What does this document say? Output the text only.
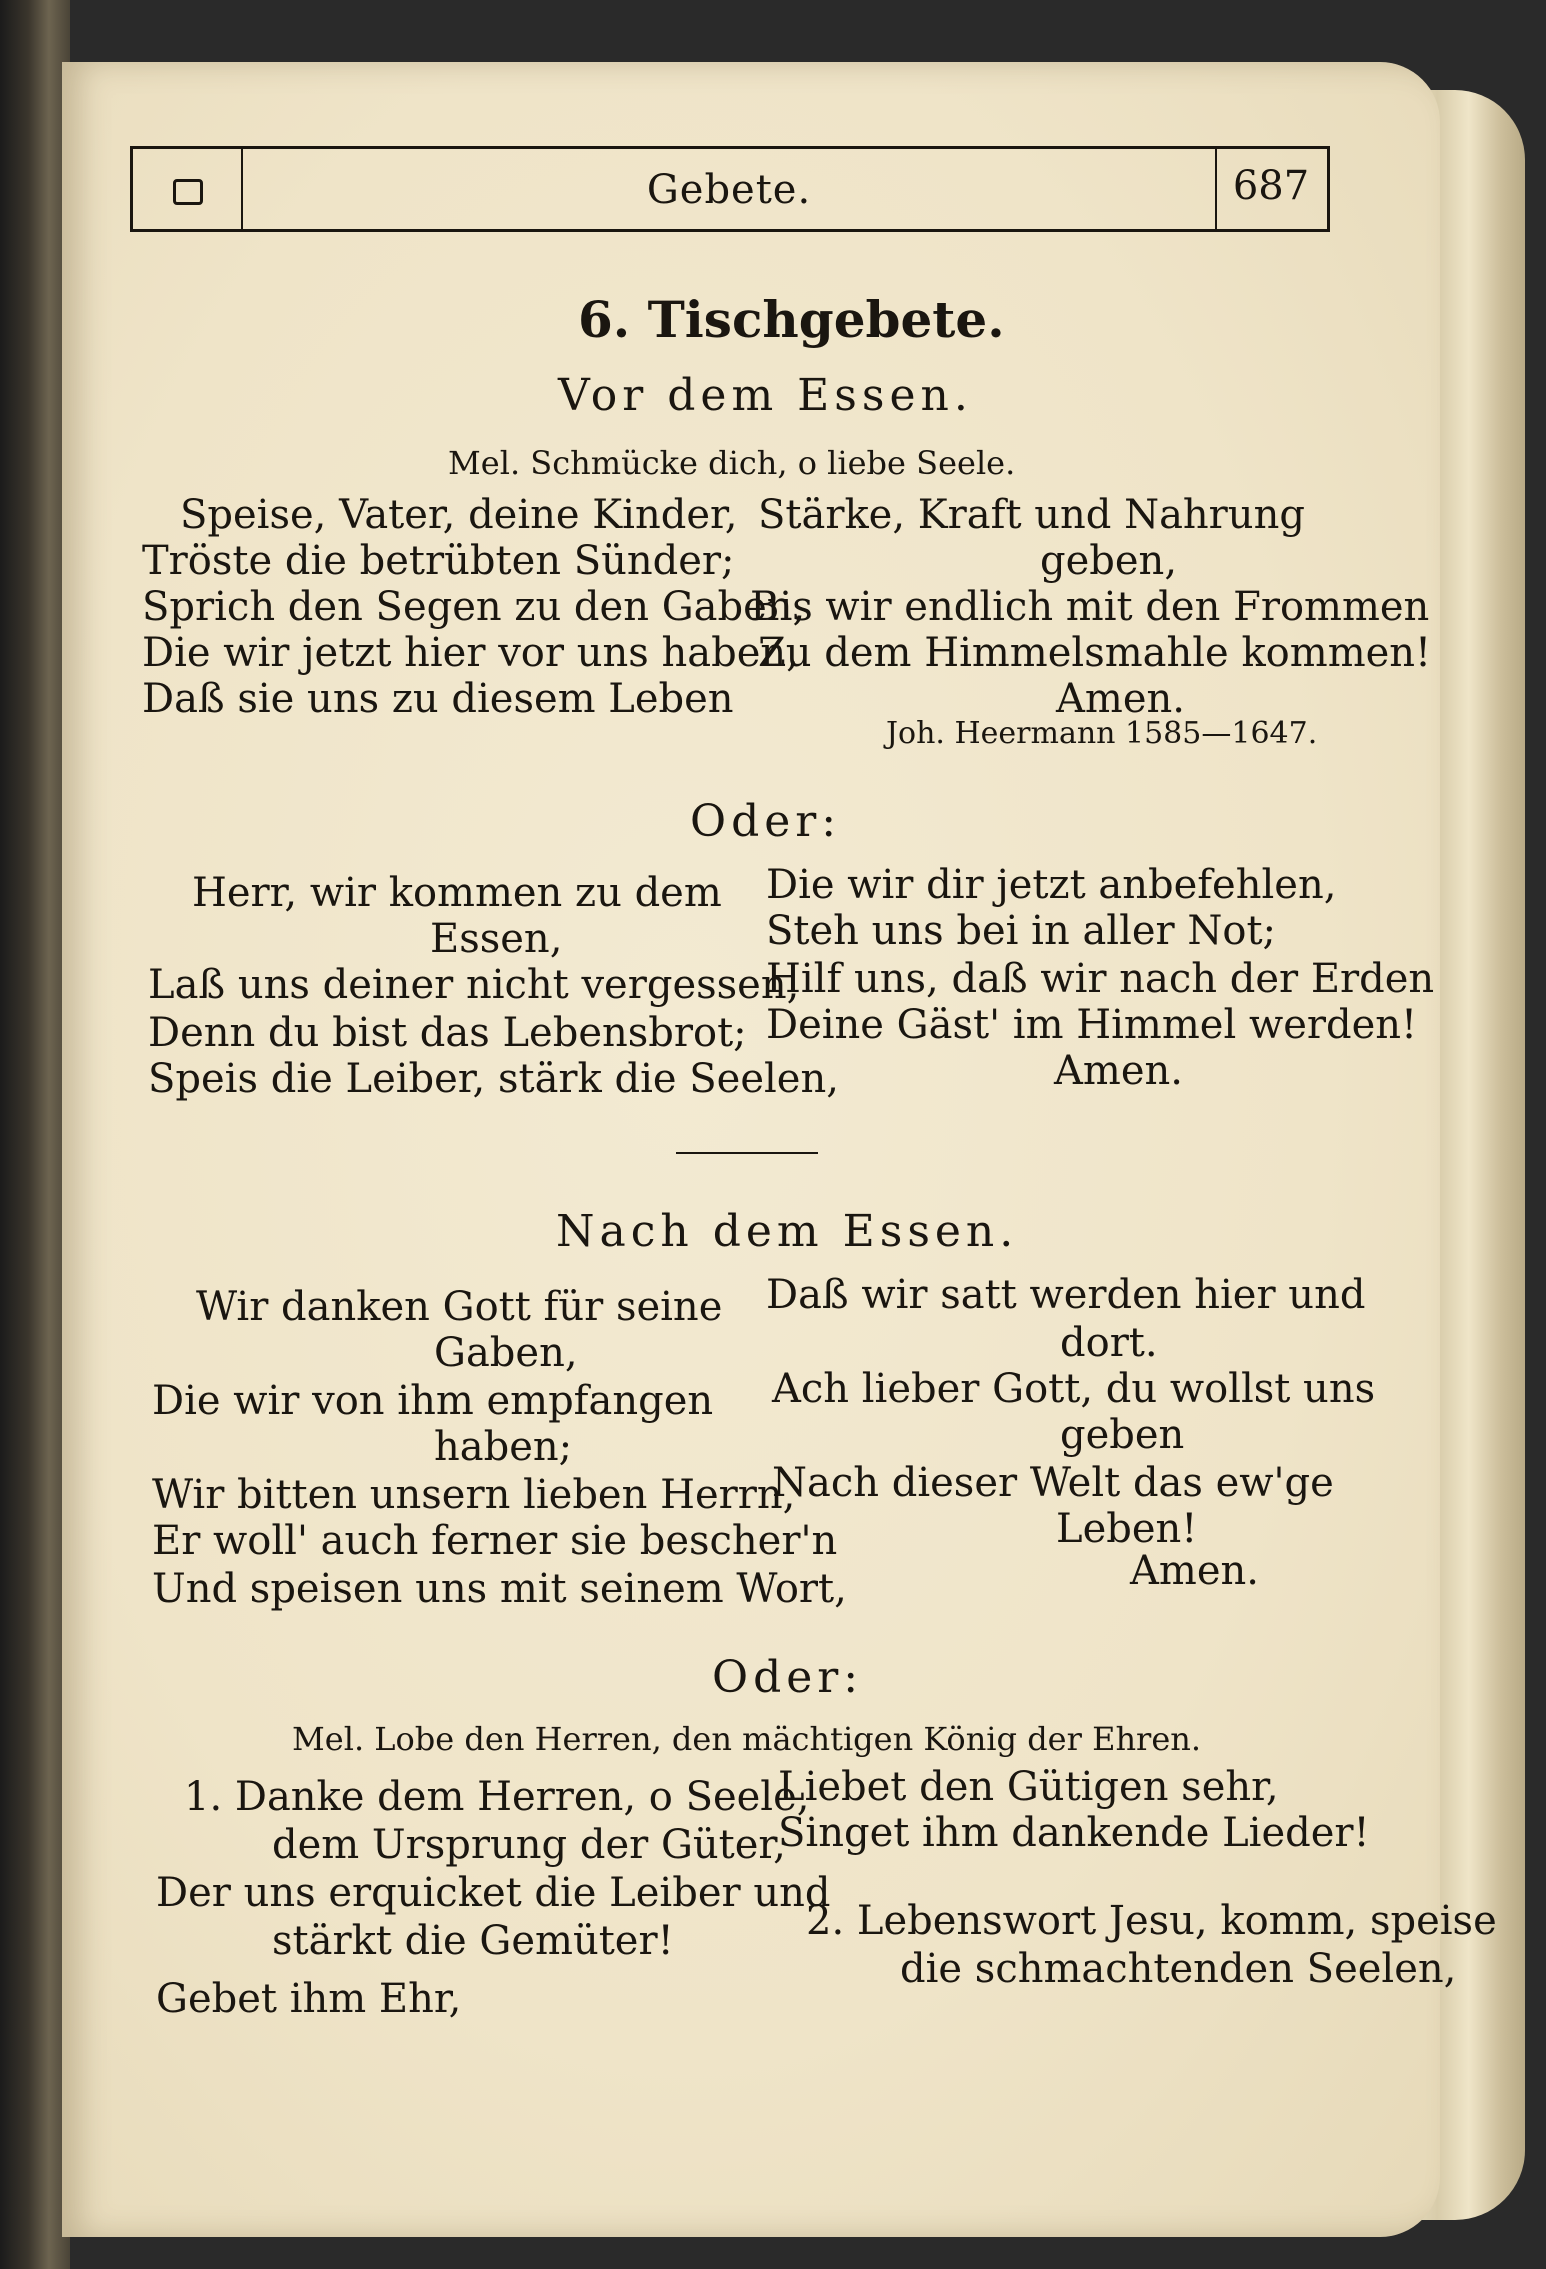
Gebete.	687
6. Tischgebete.
Vor dem Essen.
Mel. Schmücke dich, o liebe Seele.
Speise, Vater, deine Kinder,
Tröste die betrübten Sünder;
Sprich den Segen zu den Gaben,
Die wir jetzt hier vor uns haben,
Daß sie uns zu diesem Leben
Stärke, Kraft und Nahrung
geben,
Bis wir endlich mit den Frommen
Zu dem Himmelsmahle kommen!
Amen.
Joh. Heermann 1585—1647.
Oder:
Herr, wir kommen zu dem
Essen,
Laß uns deiner nicht vergessen,
Denn du bist das Lebensbrot;
Speis die Leiber, stärk die Seelen,
Die wir dir jetzt anbefehlen,
Steh uns bei in aller Not;
Hilf uns, daß wir nach der Erden
Deine Gäst' im Himmel werden!
Amen.
Nach dem Essen.
Wir danken Gott für seine
Gaben,
Die wir von ihm empfangen
haben;
Wir bitten unsern lieben Herrn,
Er woll' auch ferner sie bescher'n
Und speisen uns mit seinem Wort,
Daß wir satt werden hier und
dort.
Ach lieber Gott, du wollst uns
geben
Nach dieser Welt das ew'ge
Leben!
Amen.
Oder:
Mel. Lobe den Herren, den mächtigen König der Ehren.
1. Danke dem Herren, o Seele,
dem Ursprung der Güter,
Der uns erquicket die Leiber und
stärkt die Gemüter!
Gebet ihm Ehr,
Liebet den Gütigen sehr,
Singet ihm dankende Lieder!
2. Lebenswort Jesu, komm, speise
die schmachtenden Seelen,
